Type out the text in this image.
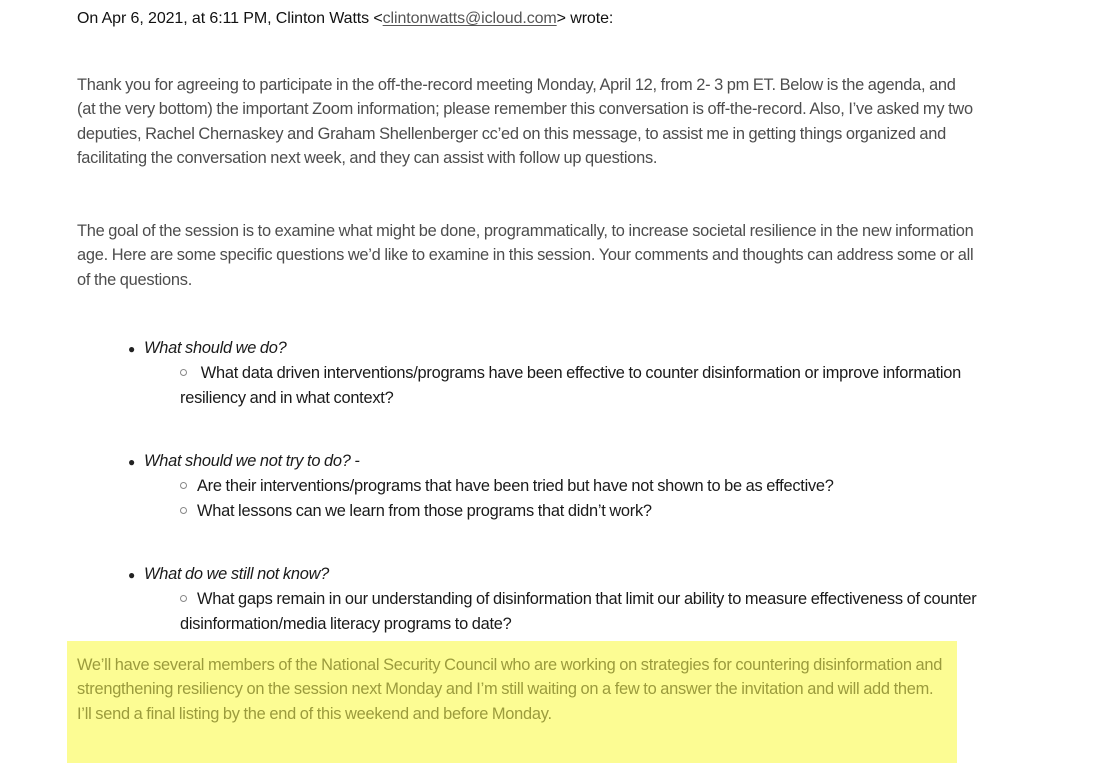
On Apr 6, 2021, at 6:11 PM, Clinton Watts <clintonwatts@icloud.com> wrote:
Thank you for agreeing to participate in the off-the-record meeting Monday, April 12, from 2- 3 pm ET. Below is the agenda, and (at the very bottom) the important Zoom information; please remember this conversation is off-the-record. Also, I’ve asked my two deputies, Rachel Chernaskey and Graham Shellenberger cc’ed on this message, to assist me in getting things organized and facilitating the conversation next week, and they can assist with follow up questions.
The goal of the session is to examine what might be done, programmatically, to increase societal resilience in the new information age. Here are some specific questions we’d like to examine in this session. Your comments and thoughts can address some or all of the questions.
● What should we do?
What data driven interventions/programs have been effective to counter disinformation or improve information resiliency and in what context?
● What should we not try to do? -
Are their interventions/programs that have been tried but have not shown to be as effective?
What lessons can we learn from those programs that didn’t work?
● What do we still not know?
What gaps remain in our understanding of disinformation that limit our ability to measure effectiveness of counter disinformation/media literacy programs to date?
We’ll have several members of the National Security Council who are working on strategies for countering disinformation and strengthening resiliency on the session next Monday and I’m still waiting on a few to answer the invitation and will add them. I’ll send a final listing by the end of this weekend and before Monday.
